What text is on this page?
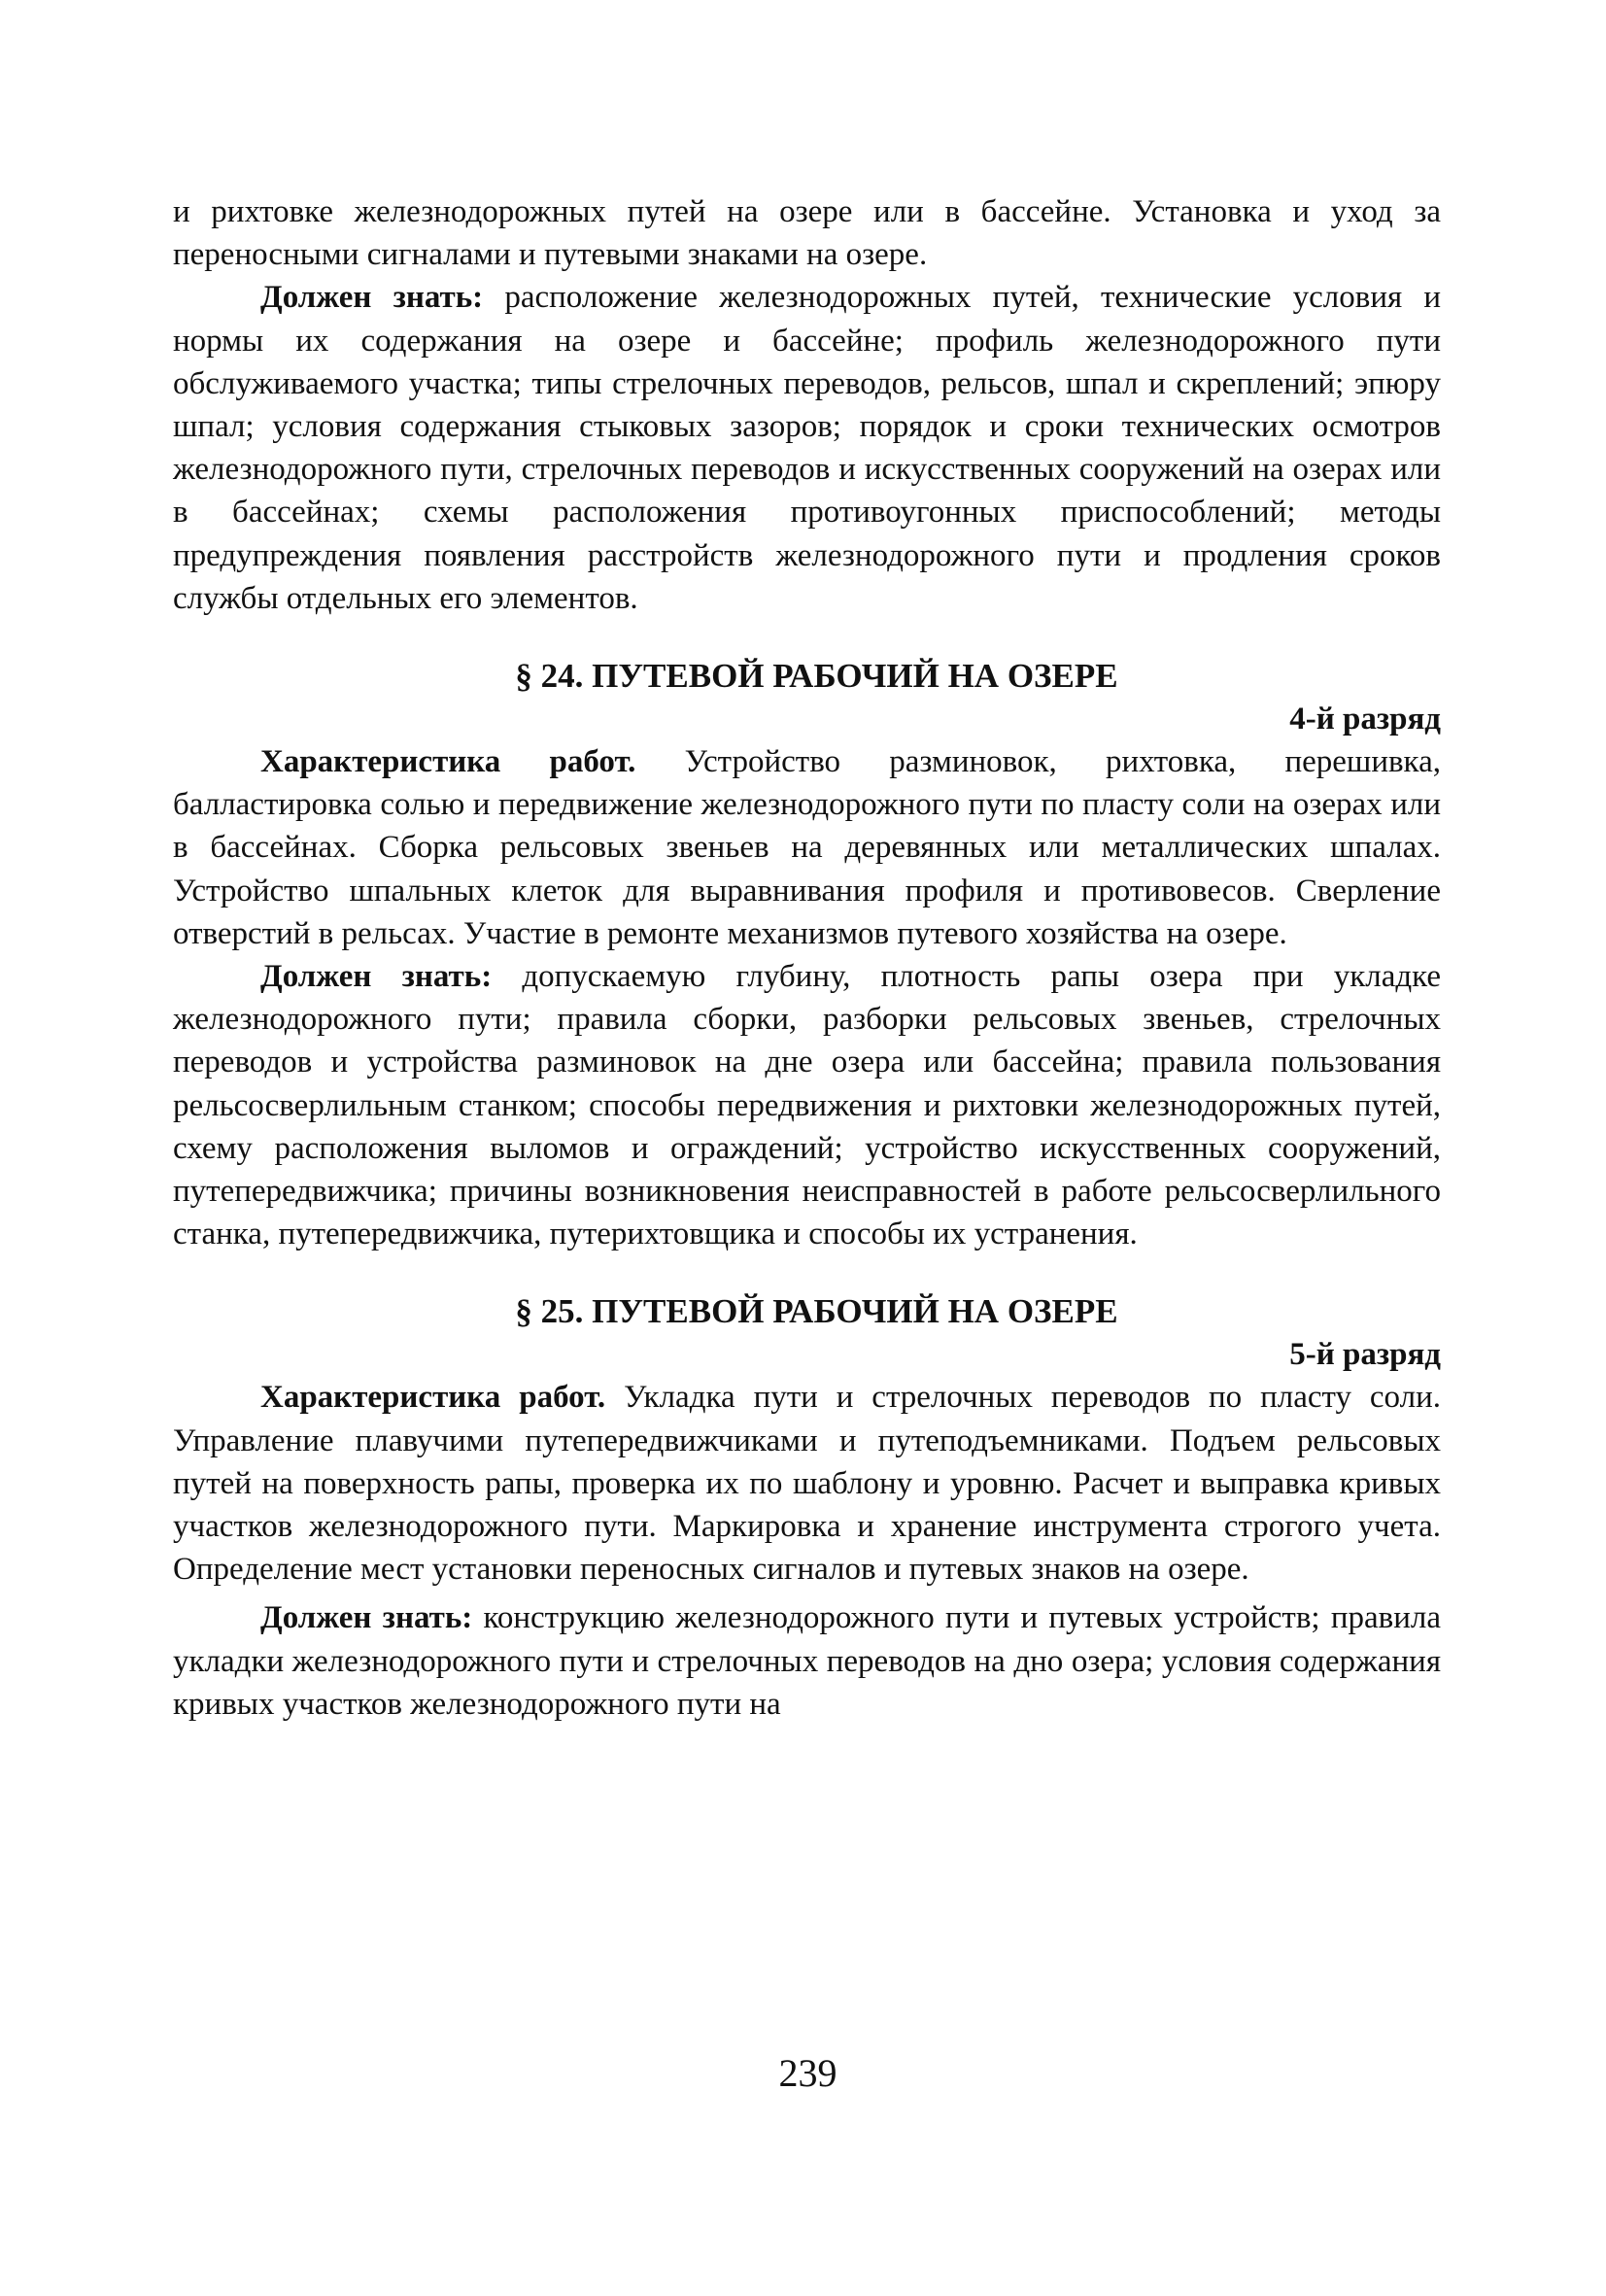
и рихтовке железнодорожных путей на озере или в бассейне. Установка и уход за переносными сигналами и путевыми знаками на озере.

Должен знать: расположение железнодорожных путей, технические условия и нормы их содержания на озере и бассейне; профиль железнодорожного пути обслуживаемого участка; типы стрелочных переводов, рельсов, шпал и скреплений; эпюру шпал; условия содержания стыковых зазоров; порядок и сроки технических осмотров железнодорожного пути, стрелочных переводов и искусственных сооружений на озерах или в бассейнах; схемы расположения противоугонных приспособлений; методы предупреждения появления расстройств железнодорожного пути и продления сроков службы отдельных его элементов.

§ 24. ПУТЕВОЙ РАБОЧИЙ НА ОЗЕРЕ

4-й разряд

Характеристика работ. Устройство разминовок, рихтовка, перешивка, балластировка солью и передвижение железнодорожного пути по пласту соли на озерах или в бассейнах. Сборка рельсовых звеньев на деревянных или металлических шпалах. Устройство шпальных клеток для выравнивания профиля и противовесов. Сверление отверстий в рельсах. Участие в ремонте механизмов путевого хозяйства на озере.

Должен знать: допускаемую глубину, плотность рапы озера при укладке железнодорожного пути; правила сборки, разборки рельсовых звеньев, стрелочных переводов и устройства разминовок на дне озера или бассейна; правила пользования рельсосверлильным станком; способы передвижения и рихтовки железнодорожных путей, схему расположения выломов и ограждений; устройство искусственных сооружений, путепередвижчика; причины возникновения неисправностей в работе рельсосверлильного станка, путепередвижчика, путерихтовщика и способы их устранения.

§ 25. ПУТЕВОЙ РАБОЧИЙ НА ОЗЕРЕ

5-й разряд

Характеристика работ. Укладка пути и стрелочных переводов по пласту соли. Управление плавучими путепередвижчиками и путеподъемниками. Подъем рельсовых путей на поверхность рапы, проверка их по шаблону и уровню. Расчет и выправка кривых участков железнодорожного пути. Маркировка и хранение инструмента строгого учета. Определение мест установки переносных сигналов и путевых знаков на озере.

Должен знать: конструкцию железнодорожного пути и путевых устройств; правила укладки железнодорожного пути и стрелочных переводов на дно озера; условия содержания кривых участков железнодорожного пути на

239
